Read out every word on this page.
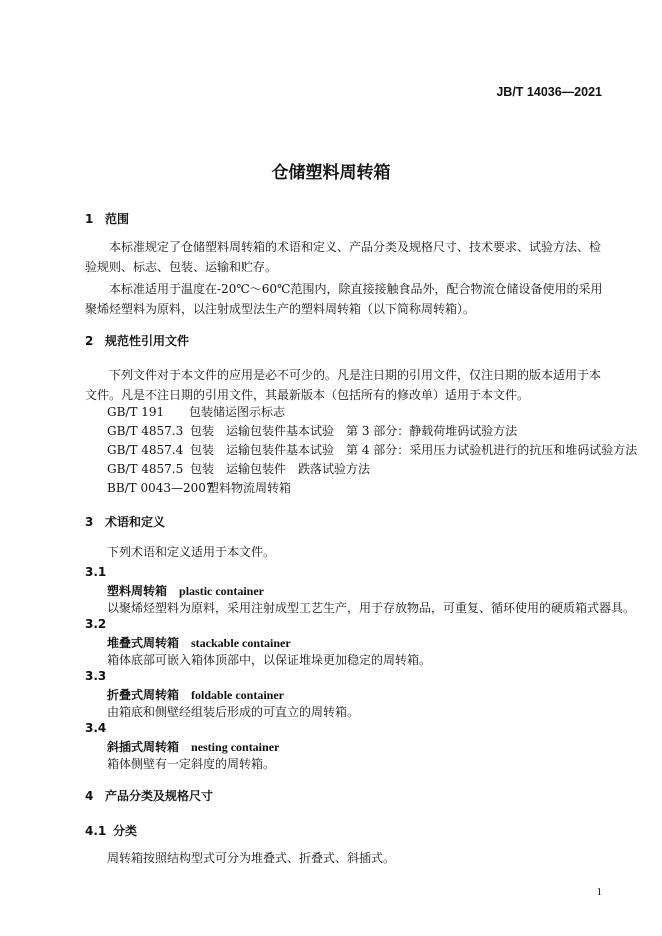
JB/T 14036—2021
仓储塑料周转箱
1 范围
本标准规定了仓储塑料周转箱的术语和定义、产品分类及规格尺寸、技术要求、试验方法、检验规则、标志、包装、运输和贮存。
本标准适用于温度在-20℃～60℃范围内，除直接接触食品外，配合物流仓储设备使用的采用聚烯烃塑料为原料，以注射成型法生产的塑料周转箱（以下简称周转箱）。
2 规范性引用文件
下列文件对于本文件的应用是必不可少的。凡是注日期的引用文件，仅注日期的版本适用于本文件。凡是不注日期的引用文件，其最新版本（包括所有的修改单）适用于本文件。
GB/T 191 包装储运图示标志
GB/T 4857.3 包装　运输包装件基本试验　第 3 部分：静载荷堆码试验方法
GB/T 4857.4 包装　运输包装件基本试验　第 4 部分：采用压力试验机进行的抗压和堆码试验方法
GB/T 4857.5 包装　运输包装件　跌落试验方法
BB/T 0043—2007塑料物流周转箱
3 术语和定义
下列术语和定义适用于本文件。
3.1
塑料周转箱 plastic container
以聚烯烃塑料为原料，采用注射成型工艺生产，用于存放物品，可重复、循环使用的硬质箱式器具。
3.2
堆叠式周转箱 stackable container
箱体底部可嵌入箱体顶部中，以保证堆垛更加稳定的周转箱。
3.3
折叠式周转箱 foldable container
由箱底和侧壁经组装后形成的可直立的周转箱。
3.4
斜插式周转箱 nesting container
箱体侧壁有一定斜度的周转箱。
4 产品分类及规格尺寸
4.1 分类
周转箱按照结构型式可分为堆叠式、折叠式、斜插式。
1
